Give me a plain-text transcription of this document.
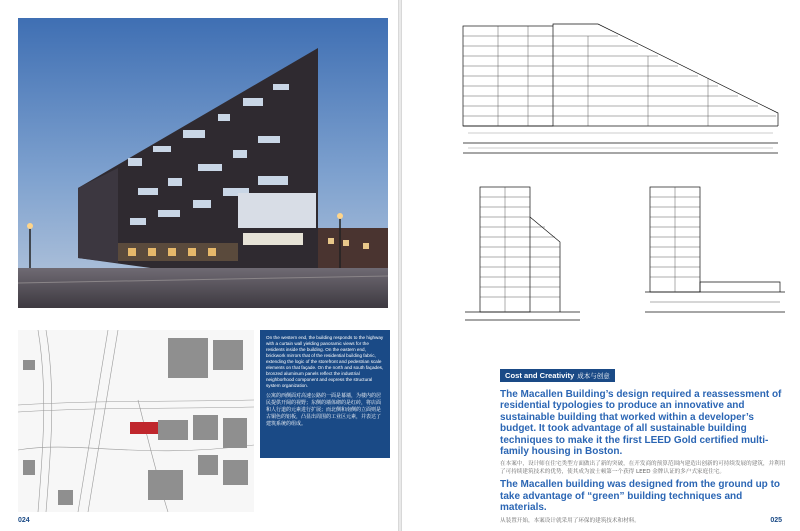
On the western end, the building responds to the highway with a curtain wall yielding panoramic views for the residents inside the building. On the eastern end, brickwork mirrors that of the residential building fabric, extending the logic of the storefront and pedestrian scale elements on that façade. On the north and south façades, bronzed aluminum panels reflect the industrial neighborhood component and express the structural system organization.

公寓的西侧面对高速公路的一面是幕墙，为楼内的居民提供开阔的视野；东侧的墙体砌的是红砖，将店面和人行道的元素进行扩展；而北侧和南侧的立面则是古铜色的铝板，凸显出周围的工业区元素，并表达了建筑系统的组成。

024
Cost and Creativity 成本与创意

The Macallen Building’s design required a reassessment of residential typologies to produce an innovative and sustainable building that worked within a developer’s budget. It took advantage of all sustainable building techniques to make it the first LEED Gold certified multi-family housing in Boston.

在本案中，设计师在住宅类型方面做出了新的突破，在开发商的预算范围内建造出创新的可持续发展的建筑，并利用了可持续建筑技术的优势，使其成为波士顿第一个获得 LEED 金牌认证的多户式家庭住宅。

The Macallen building was designed from the ground up to take advantage of “green” building techniques and materials.

从装置开始，本案设计就采用了环保的建筑技术和材料。	025
